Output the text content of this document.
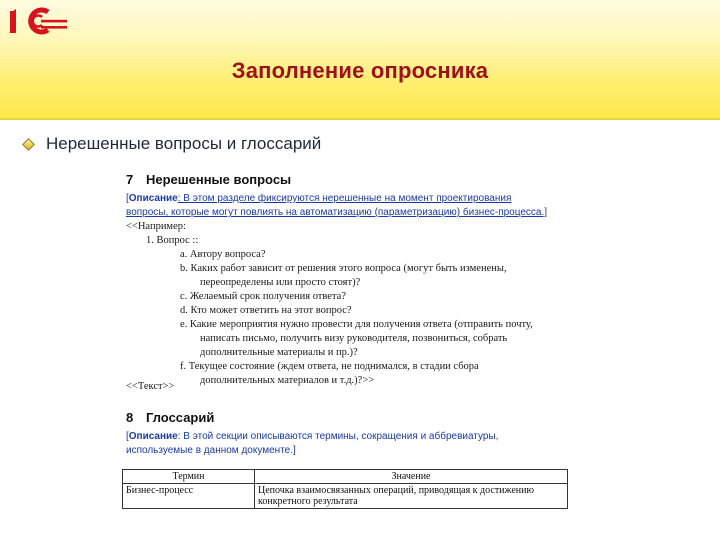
1C
Заполнение опросника
Нерешенные вопросы и глоссарий
7 Нерешенные вопросы
[Описание: В этом разделе фиксируются нерешенные на момент проектирования
вопросы, которые могут повлиять на автоматизацию (параметризацию) бизнес-процесса.]
<<Например:
1. Вопрос ::
a. Автору вопроса?
b. Каких работ зависит от решения этого вопроса (могут быть изменены,
переопределены или просто стоят)?
c. Желаемый срок получения ответа?
d. Кто может ответить на этот вопрос?
e. Какие мероприятия нужно провести для получения ответа (отправить почту,
написать письмо, получить визу руководителя, позвониться, собрать
дополнительные материалы и пр.)?
f. Текущее состояние (ждем ответа, не поднимался, в стадии сбора
дополнительных материалов и т.д.)?>>
<<Текст>>
8 Глоссарий
[Описание: В этой секции описываются термины, сокращения и аббревиатуры,
используемые в данном документе.]
Термин	Значение
Бизнес-процесс	Цепочка взаимосвязанных операций, приводящая к достижению конкретного результата
